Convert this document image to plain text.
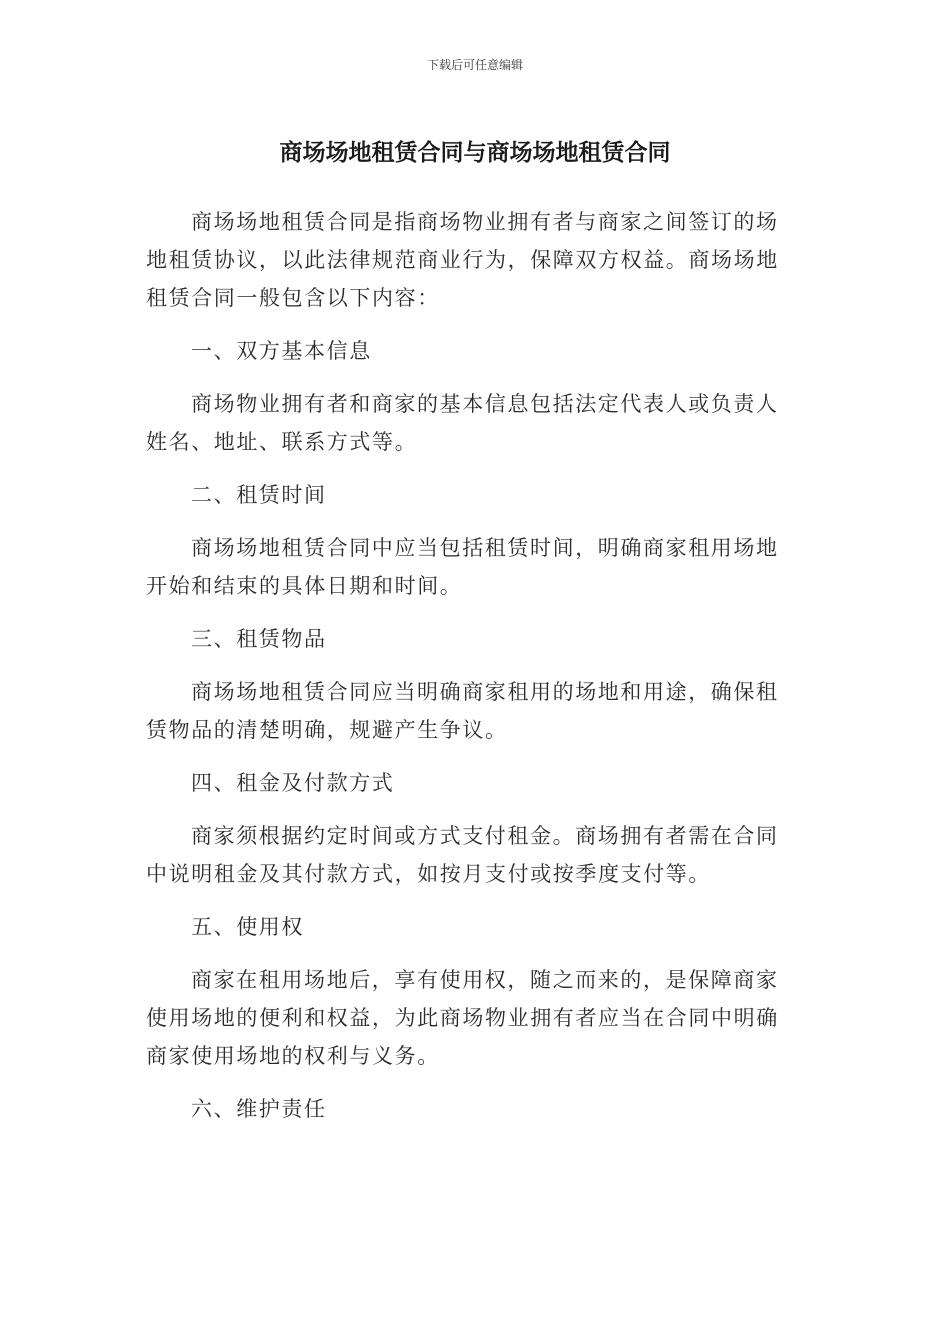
下载后可任意编辑
商场场地租赁合同与商场场地租赁合同

商场场地租赁合同是指商场物业拥有者与商家之间签订的场地租赁协议，以此法律规范商业行为，保障双方权益。商场场地租赁合同一般包含以下内容：

一、双方基本信息

商场物业拥有者和商家的基本信息包括法定代表人或负责人姓名、地址、联系方式等。

二、租赁时间

商场场地租赁合同中应当包括租赁时间，明确商家租用场地开始和结束的具体日期和时间。

三、租赁物品

商场场地租赁合同应当明确商家租用的场地和用途，确保租赁物品的清楚明确，规避产生争议。

四、租金及付款方式

商家须根据约定时间或方式支付租金。商场拥有者需在合同中说明租金及其付款方式，如按月支付或按季度支付等。

五、使用权

商家在租用场地后，享有使用权，随之而来的，是保障商家使用场地的便利和权益，为此商场物业拥有者应当在合同中明确商家使用场地的权利与义务。

六、维护责任
